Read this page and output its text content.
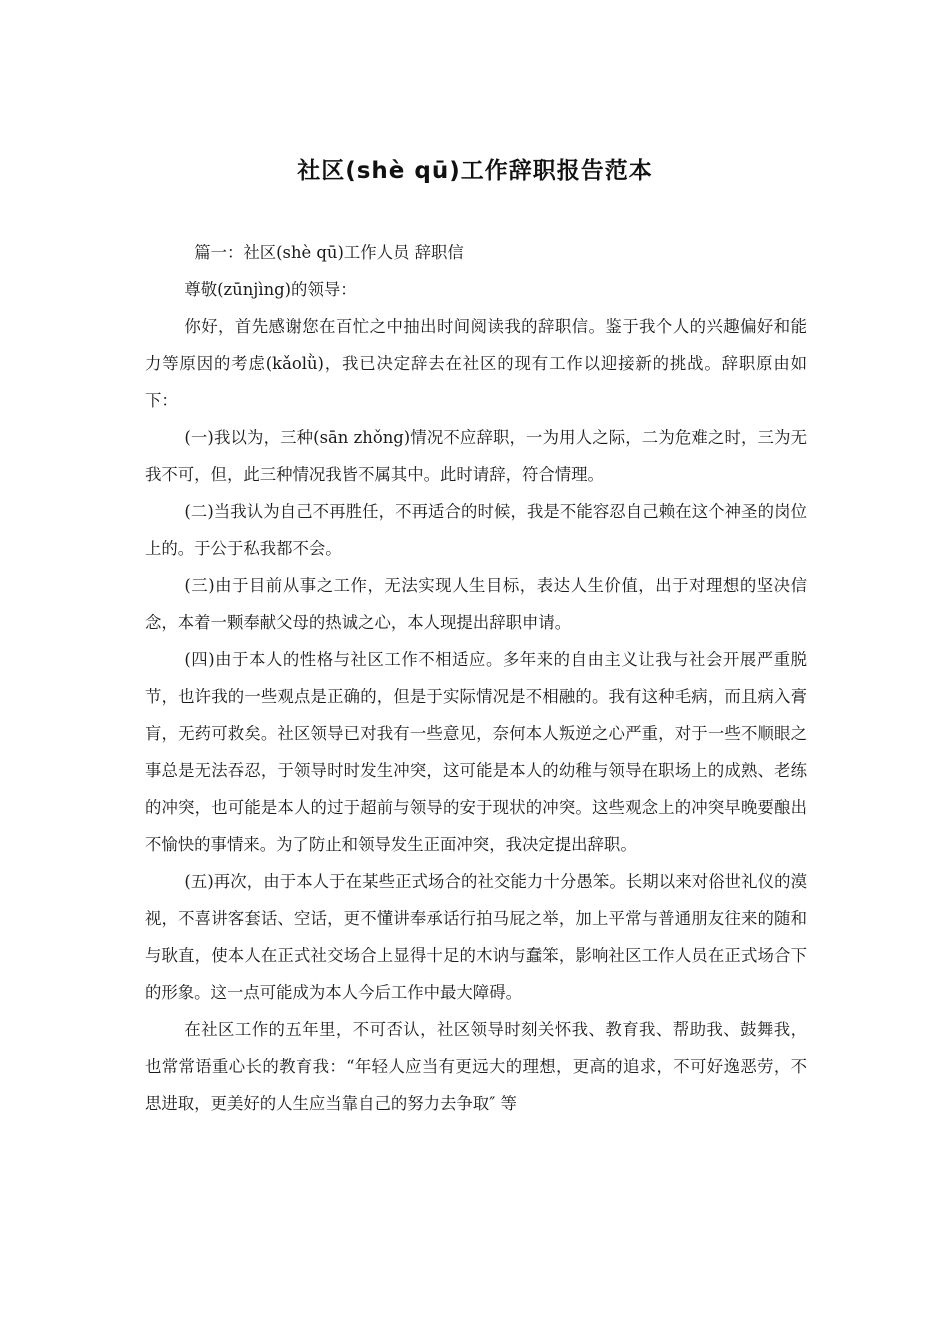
社区(shè qū)工作辞职报告范本

篇一：社区(shè qū)工作人员 辞职信

尊敬(zūnjìng)的领导：

你好，首先感谢您在百忙之中抽出时间阅读我的辞职信。鉴于我个人的兴趣偏好和能力等原因的考虑(kǎolǜ)，我已决定辞去在社区的现有工作以迎接新的挑战。辞职原由如下：

(一)我以为，三种(sān zhǒng)情况不应辞职，一为用人之际，二为危难之时，三为无我不可，但，此三种情况我皆不属其中。此时请辞，符合情理。

(二)当我认为自己不再胜任，不再适合的时候，我是不能容忍自己赖在这个神圣的岗位上的。于公于私我都不会。

(三)由于目前从事之工作，无法实现人生目标，表达人生价值，出于对理想的坚决信念，本着一颗奉献父母的热诚之心，本人现提出辞职申请。

(四)由于本人的性格与社区工作不相适应。多年来的自由主义让我与社会开展严重脱节，也许我的一些观点是正确的，但是于实际情况是不相融的。我有这种毛病，而且病入膏肓，无药可救矣。社区领导已对我有一些意见，奈何本人叛逆之心严重，对于一些不顺眼之事总是无法吞忍，于领导时时发生冲突，这可能是本人的幼稚与领导在职场上的成熟、老练的冲突，也可能是本人的过于超前与领导的安于现状的冲突。这些观念上的冲突早晚要酿出不愉快的事情来。为了防止和领导发生正面冲突，我决定提出辞职。

(五)再次，由于本人于在某些正式场合的社交能力十分愚笨。长期以来对俗世礼仪的漠视，不喜讲客套话、空话，更不懂讲奉承话行拍马屁之举，加上平常与普通朋友往来的随和与耿直，使本人在正式社交场合上显得十足的木讷与蠢笨，影响社区工作人员在正式场合下的形象。这一点可能成为本人今后工作中最大障碍。

在社区工作的五年里，不可否认，社区领导时刻关怀我、教育我、帮助我、鼓舞我，也常常语重心长的教育我：“年轻人应当有更远大的理想，更高的追求，不可好逸恶劳，不思进取，更美好的人生应当靠自己的努力去争取″ 等
